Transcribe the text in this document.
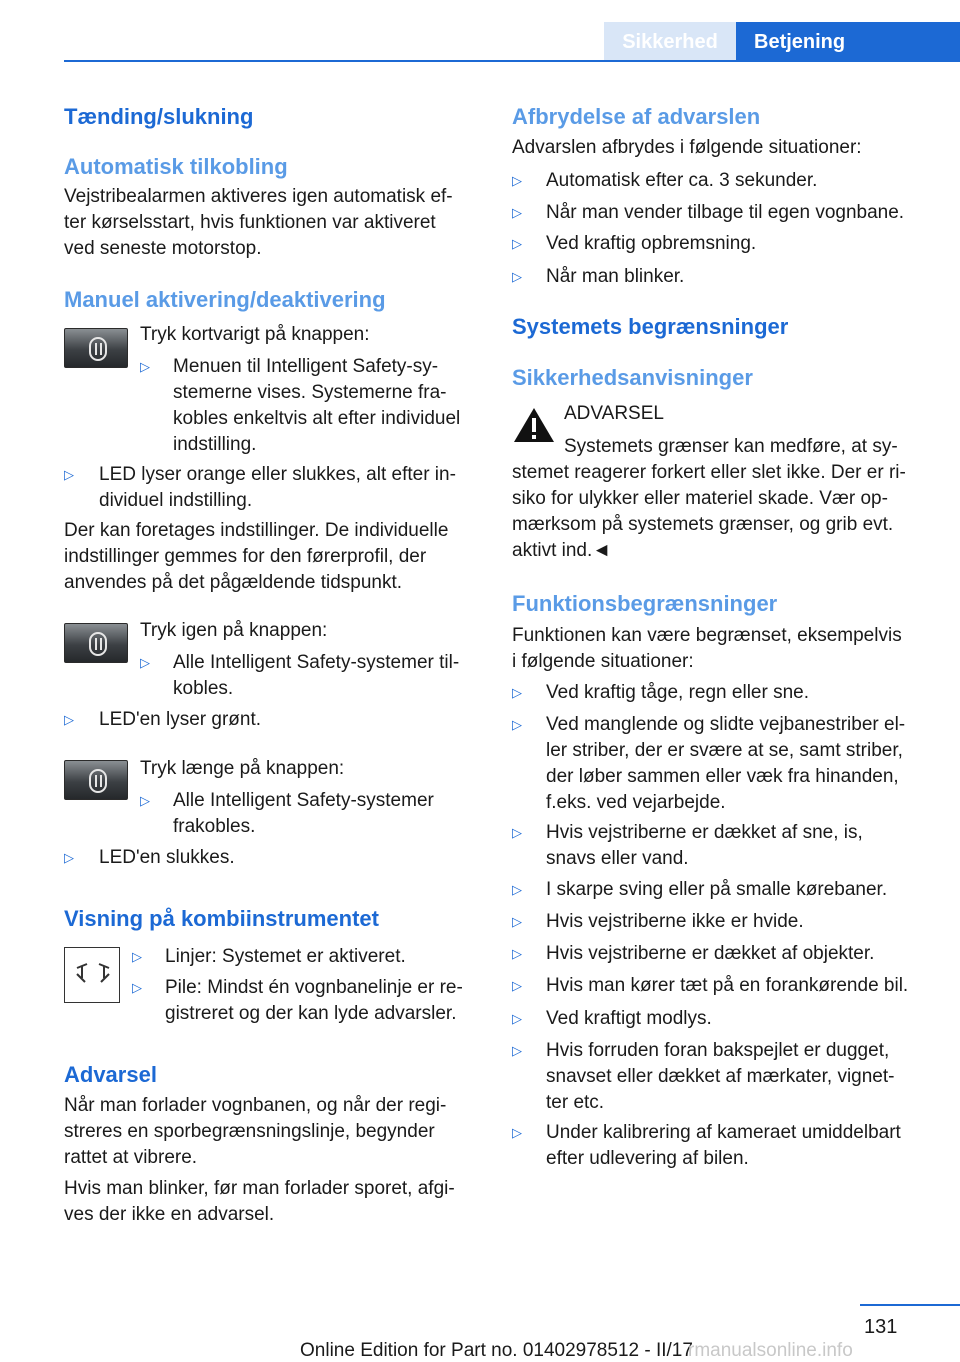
Sikkerhed	Betjening
Tænding/slukning
Automatisk tilkobling
Vejstribealarmen aktiveres igen automatisk ef-
ter kørselsstart, hvis funktionen var aktiveret
ved seneste motorstop.
Manuel aktivering/deaktivering
Tryk kortvarigt på knappen:
▷	Menuen til Intelligent Safety-sy-
stemerne vises. Systemerne fra-
kobles enkeltvis alt efter individuel
indstilling.
▷	LED lyser orange eller slukkes, alt efter in-
dividuel indstilling.
Der kan foretages indstillinger. De individuelle
indstillinger gemmes for den førerprofil, der
anvendes på det pågældende tidspunkt.
Tryk igen på knappen:
▷	Alle Intelligent Safety-systemer til-
kobles.
▷	LED'en lyser grønt.
Tryk længe på knappen:
▷	Alle Intelligent Safety-systemer
frakobles.
▷	LED'en slukkes.
Visning på kombiinstrumentet
▷	Linjer: Systemet er aktiveret.
▷	Pile: Mindst én vognbanelinje er re-
gistreret og der kan lyde advarsler.
Advarsel
Når man forlader vognbanen, og når der regi-
streres en sporbegrænsningslinje, begynder
rattet at vibrere.
Hvis man blinker, før man forlader sporet, afgi-
ves der ikke en advarsel.
Afbrydelse af advarslen
Advarslen afbrydes i følgende situationer:
▷	Automatisk efter ca. 3 sekunder.
▷	Når man vender tilbage til egen vognbane.
▷	Ved kraftig opbremsning.
▷	Når man blinker.
Systemets begrænsninger
Sikkerhedsanvisninger
ADVARSEL
Systemets grænser kan medføre, at sy-
stemet reagerer forkert eller slet ikke. Der er ri-
siko for ulykker eller materiel skade. Vær op-
mærksom på systemets grænser, og grib evt.
aktivt ind.◄
Funktionsbegrænsninger
Funktionen kan være begrænset, eksempelvis
i følgende situationer:
▷	Ved kraftig tåge, regn eller sne.
▷	Ved manglende og slidte vejbanestriber el-
ler striber, der er svære at se, samt striber,
der løber sammen eller væk fra hinanden,
f.eks. ved vejarbejde.
▷	Hvis vejstriberne er dækket af sne, is,
snavs eller vand.
▷	I skarpe sving eller på smalle kørebaner.
▷	Hvis vejstriberne ikke er hvide.
▷	Hvis vejstriberne er dækket af objekter.
▷	Hvis man kører tæt på en forankørende bil.
▷	Ved kraftigt modlys.
▷	Hvis forruden foran bakspejlet er dugget,
snavset eller dækket af mærkater, vignet-
ter etc.
▷	Under kalibrering af kameraet umiddelbart
efter udlevering af bilen.
131
Online Edition for Part no. 01402978512 - II/17
rmanualsonline.info
